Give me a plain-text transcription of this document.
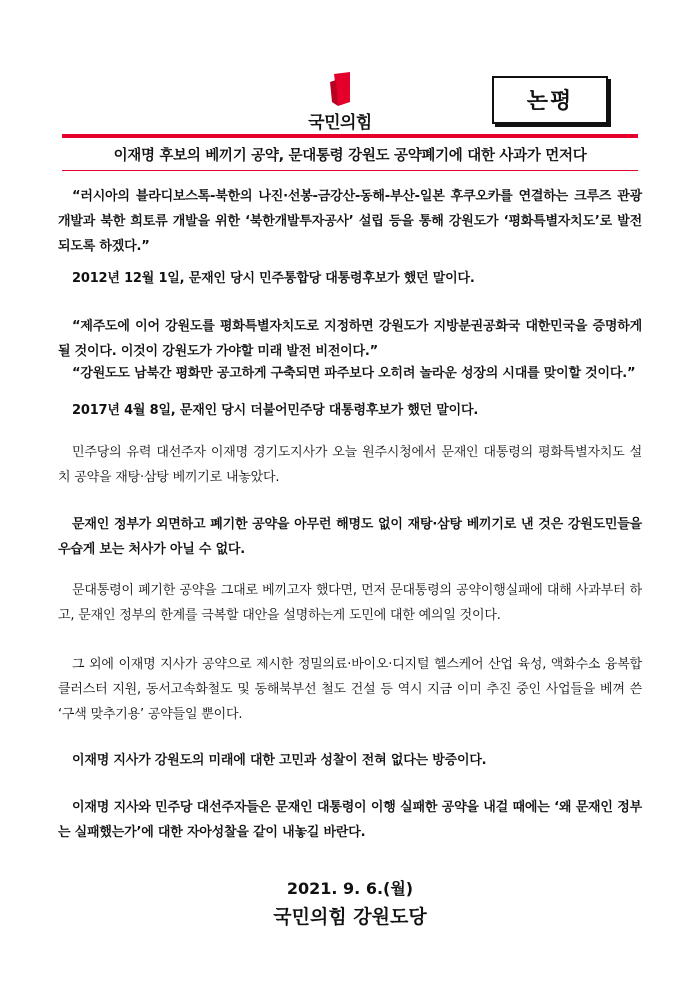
국민의힘
논평
이재명 후보의 베끼기 공약, 문대통령 강원도 공약폐기에 대한 사과가 먼저다
“러시아의 블라디보스톡-북한의 나진·선봉-금강산-동해-부산-일본 후쿠오카를 연결하는 크루즈 관광 개발과 북한 희토류 개발을 위한 ‘북한개발투자공사’ 설립 등을 통해 강원도가 ‘평화특별자치도’로 발전되도록 하겠다.”
2012년 12월 1일, 문재인 당시 민주통합당 대통령후보가 했던 말이다.
“제주도에 이어 강원도를 평화특별자치도로 지정하면 강원도가 지방분권공화국 대한민국을 증명하게 될 것이다. 이것이 강원도가 가야할 미래 발전 비전이다.”
“강원도도 남북간 평화만 공고하게 구축되면 파주보다 오히려 놀라운 성장의 시대를 맞이할 것이다.”
2017년 4월 8일, 문재인 당시 더불어민주당 대통령후보가 했던 말이다.
민주당의 유력 대선주자 이재명 경기도지사가 오늘 원주시청에서 문재인 대통령의 평화특별자치도 설치 공약을 재탕·삼탕 베끼기로 내놓았다.
문재인 정부가 외면하고 폐기한 공약을 아무런 해명도 없이 재탕·삼탕 베끼기로 낸 것은 강원도민들을 우습게 보는 처사가 아닐 수 없다.
문대통령이 폐기한 공약을 그대로 베끼고자 했다면, 먼저 문대통령의 공약이행실패에 대해 사과부터 하고, 문재인 정부의 한계를 극복할 대안을 설명하는게 도민에 대한 예의일 것이다.
그 외에 이재명 지사가 공약으로 제시한 정밀의료·바이오·디지털 헬스케어 산업 육성, 액화수소 융복합 클러스터 지원, 동서고속화철도 및 동해북부선 철도 건설 등 역시 지금 이미 추진 중인 사업들을 베껴 쓴 ‘구색 맞추기용’ 공약들일 뿐이다.
이재명 지사가 강원도의 미래에 대한 고민과 성찰이 전혀 없다는 방증이다.
이재명 지사와 민주당 대선주자들은 문재인 대통령이 이행 실패한 공약을 내걸 때에는 ‘왜 문재인 정부는 실패했는가’에 대한 자아성찰을 같이 내놓길 바란다.
2021. 9. 6.(월)
국민의힘 강원도당
